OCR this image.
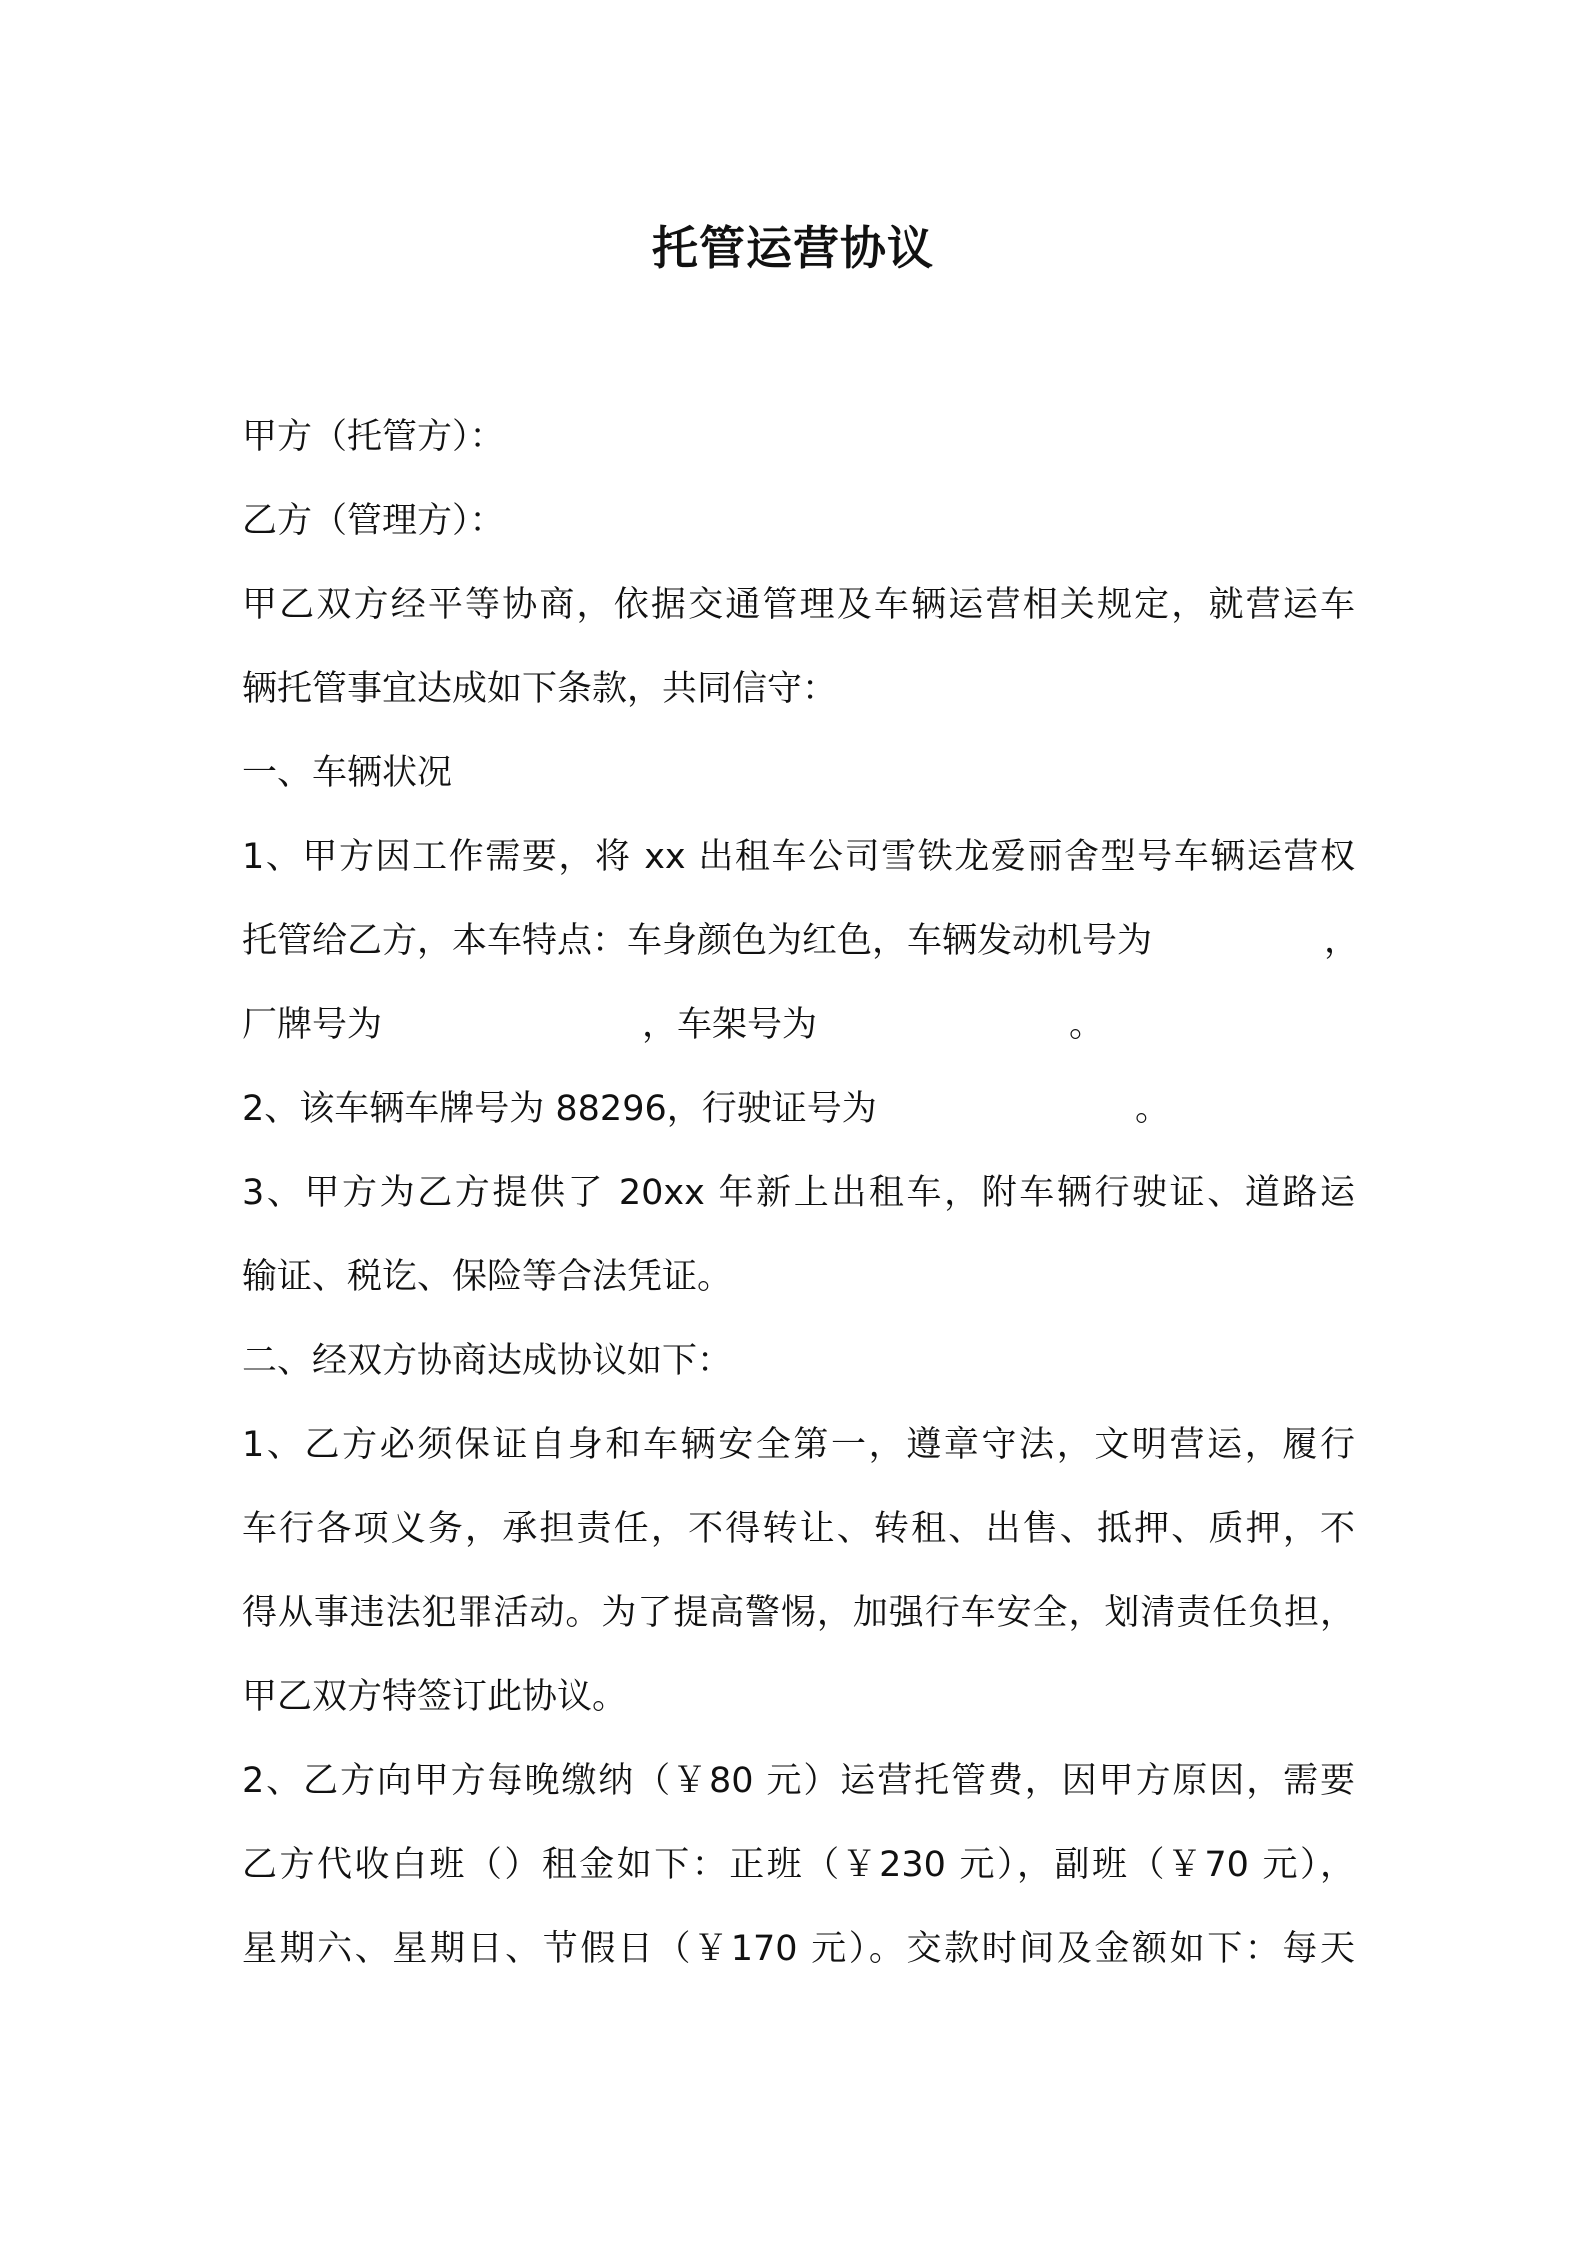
托管运营协议
甲方（托管方）：
乙方（管理方）：
甲乙双方经平等协商，依据交通管理及车辆运营相关规定，就营运车
辆托管事宜达成如下条款，共同信守：
一、车辆状况
1、甲方因工作需要，将 xx 出租车公司雪铁龙爱丽舍型号车辆运营权
托管给乙方，本车特点：车身颜色为红色，车辆发动机号为	，
厂牌号为	，车架号为	。
2、该车辆车牌号为 88296，行驶证号为	。
3、甲方为乙方提供了 20xx 年新上出租车，附车辆行驶证、道路运
输证、税讫、保险等合法凭证。
二、经双方协商达成协议如下：
1、乙方必须保证自身和车辆安全第一，遵章守法，文明营运，履行
车行各项义务，承担责任，不得转让、转租、出售、抵押、质押，不
得从事违法犯罪活动。为了提高警惕，加强行车安全，划清责任负担，
甲乙双方特签订此协议。
2、乙方向甲方每晚缴纳（￥80 元）运营托管费，因甲方原因，需要
乙方代收白班（）租金如下：正班（￥230 元），副班（￥70 元），
星期六、星期日、节假日（￥170 元）。交款时间及金额如下：每天
